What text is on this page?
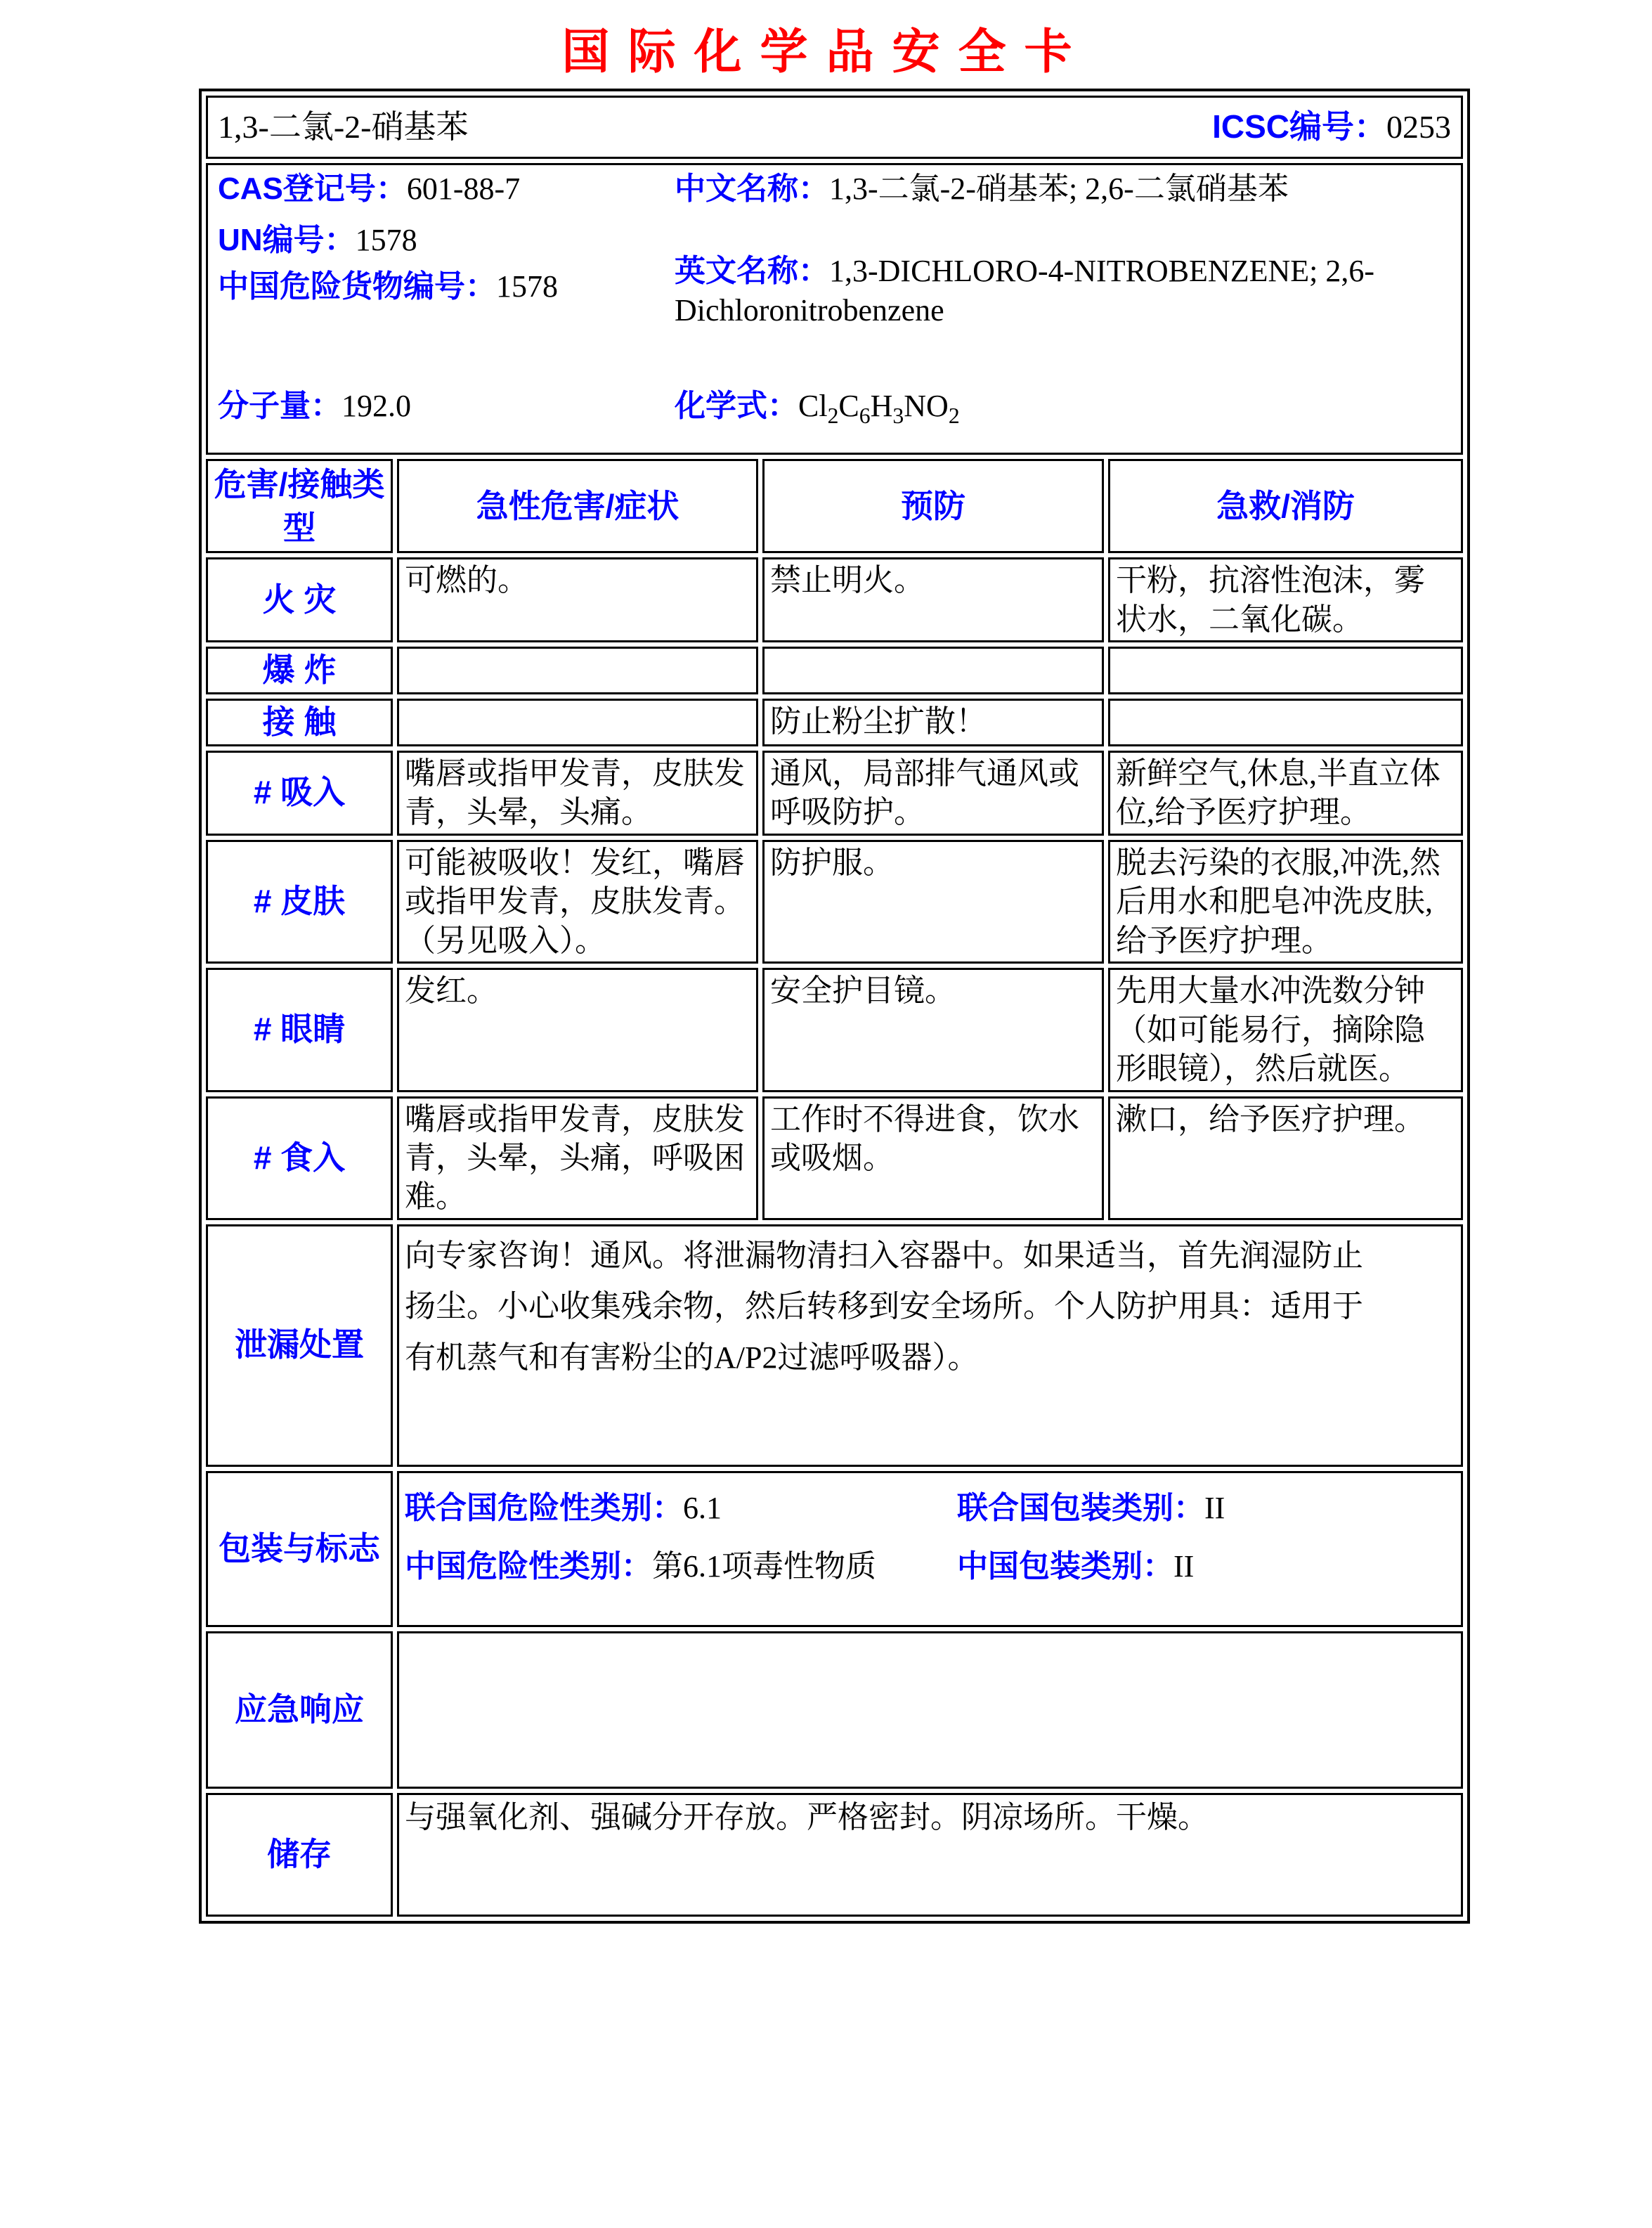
国际化学品安全卡
1,3-二氯-2-硝基苯 ICSC编号：0253			

CAS登记号：601-88-7
UN编号：1578
中国危险货物编号：1578
中文名称：1,3-二氯-2-硝基苯; 2,6-二氯硝基苯
英文名称：1,3-DICHLORO-4-NITROBENZENE; 2,6-Dichloronitrobenzene
分子量：192.0	化学式：$Cl_2C_6H_3NO_2$

危害/接触类型	急性危害/症状	预防	急救/消防
火 灾	可燃的。	禁止明火。	干粉，抗溶性泡沫，雾状水，二氧化碳。
爆 炸			
接 触		防止粉尘扩散！	
# 吸入	嘴唇或指甲发青，皮肤发青，头晕，头痛。	通风，局部排气通风或呼吸防护。	新鲜空气,休息,半直立体位,给予医疗护理。
# 皮肤	可能被吸收！发红，嘴唇或指甲发青，皮肤发青。（另见吸入）。	防护服。	脱去污染的衣服,冲洗,然后用水和肥皂冲洗皮肤,给予医疗护理。
# 眼睛	发红。	安全护目镜。	先用大量水冲洗数分钟（如可能易行，摘除隐形眼镜），然后就医。
# 食入	嘴唇或指甲发青，皮肤发青，头晕，头痛，呼吸困难。	工作时不得进食，饮水或吸烟。	漱口，给予医疗护理。
泄漏处置	向专家咨询！通风。将泄漏物清扫入容器中。如果适当，首先润湿防止扬尘。小心收集残余物，然后转移到安全场所。个人防护用具：适用于有机蒸气和有害粉尘的A/P2过滤呼吸器）。		

包装与标志	联合国危险性类别：6.1 联合国包装类别：II
中国危险性类别：第6.1项毒性物质 中国包装类别：II		

应急响应			
储存	与强氧化剂、强碱分开存放。严格密封。阴凉场所。干燥。		
